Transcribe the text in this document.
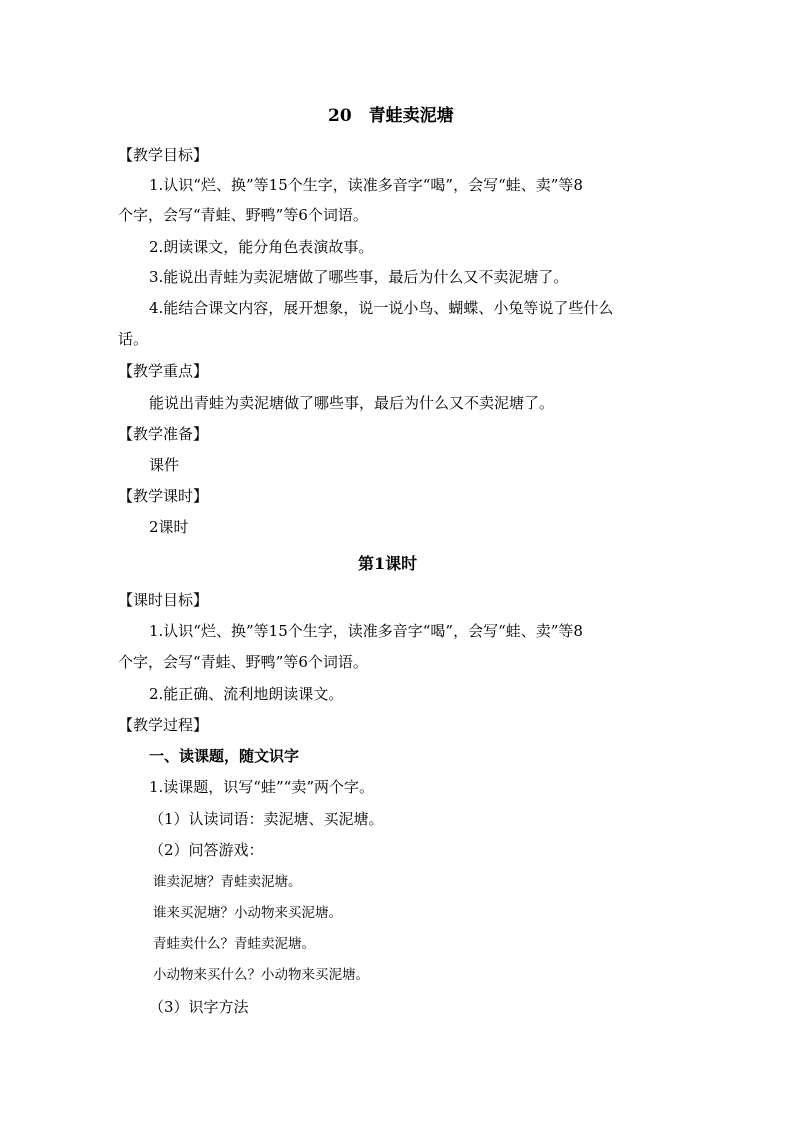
20　青蛙卖泥塘
【教学目标】
1.认识“烂、换”等15个生字，读准多音字“喝”，会写“蛙、卖”等8
个字，会写“青蛙、野鸭”等6个词语。
2.朗读课文，能分角色表演故事。
3.能说出青蛙为卖泥塘做了哪些事，最后为什么又不卖泥塘了。
4.能结合课文内容，展开想象，说一说小鸟、蝴蝶、小兔等说了些什么
话。
【教学重点】
能说出青蛙为卖泥塘做了哪些事，最后为什么又不卖泥塘了。
【教学准备】
课件
【教学课时】
2课时
第1课时
【课时目标】
1.认识“烂、换”等15个生字，读准多音字“喝”，会写“蛙、卖”等8
个字，会写“青蛙、野鸭”等6个词语。
2.能正确、流利地朗读课文。
【教学过程】
一、读课题，随文识字
1.读课题，识写“蛙”“卖”两个字。
（1）认读词语：卖泥塘、买泥塘。
（2）问答游戏：
谁卖泥塘？青蛙卖泥塘。
谁来买泥塘？小动物来买泥塘。
青蛙卖什么？青蛙卖泥塘。
小动物来买什么？小动物来买泥塘。
（3）识字方法
